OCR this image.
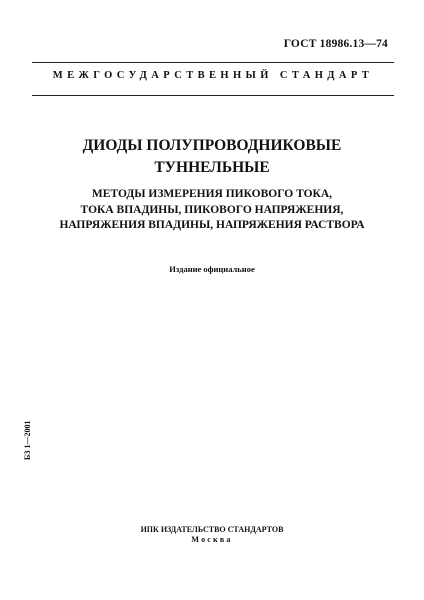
ГОСТ 18986.13—74
МЕЖГОСУДАРСТВЕННЫЙ СТАНДАРТ
ДИОДЫ ПОЛУПРОВОДНИКОВЫЕ
ТУННЕЛЬНЫЕ
МЕТОДЫ ИЗМЕРЕНИЯ ПИКОВОГО ТОКА,
ТОКА ВПАДИНЫ, ПИКОВОГО НАПРЯЖЕНИЯ,
НАПРЯЖЕНИЯ ВПАДИНЫ, НАПРЯЖЕНИЯ РАСТВОРА
Издание официальное
БЗ 1—2001
ИПК ИЗДАТЕЛЬСТВО СТАНДАРТОВ
Москва
